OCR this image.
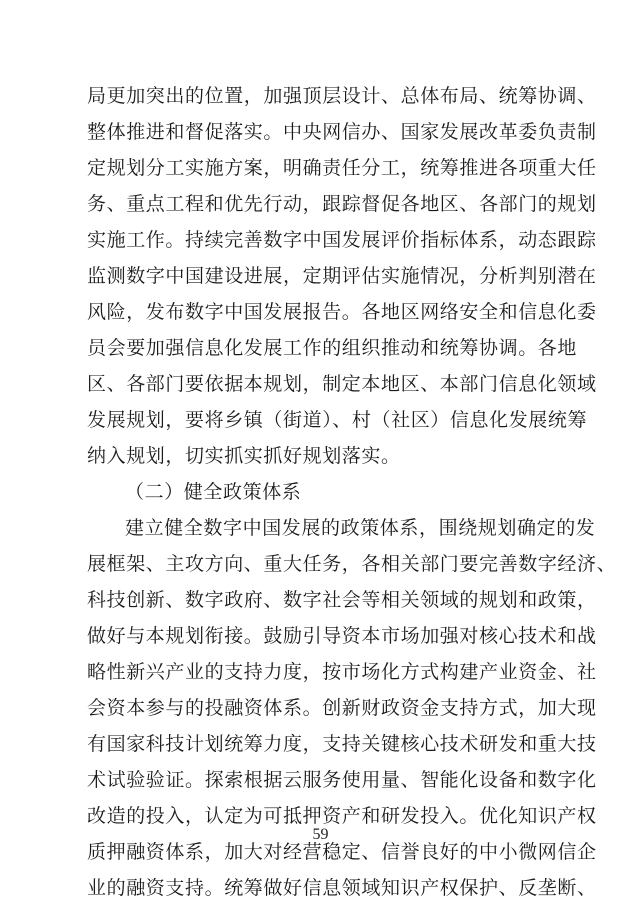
局更加突出的位置，加强顶层设计、总体布局、统筹协调、
整体推进和督促落实。中央网信办、国家发展改革委负责制
定规划分工实施方案，明确责任分工，统筹推进各项重大任
务、重点工程和优先行动，跟踪督促各地区、各部门的规划
实施工作。持续完善数字中国发展评价指标体系，动态跟踪
监测数字中国建设进展，定期评估实施情况，分析判别潜在
风险，发布数字中国发展报告。各地区网络安全和信息化委
员会要加强信息化发展工作的组织推动和统筹协调。各地
区、各部门要依据本规划，制定本地区、本部门信息化领域
发展规划，要将乡镇（街道）、村（社区）信息化发展统筹
纳入规划，切实抓实抓好规划落实。
（二）健全政策体系
建立健全数字中国发展的政策体系，围绕规划确定的发
展框架、主攻方向、重大任务，各相关部门要完善数字经济、
科技创新、数字政府、数字社会等相关领域的规划和政策，
做好与本规划衔接。鼓励引导资本市场加强对核心技术和战
略性新兴产业的支持力度，按市场化方式构建产业资金、社
会资本参与的投融资体系。创新财政资金支持方式，加大现
有国家科技计划统筹力度，支持关键核心技术研发和重大技
术试验验证。探索根据云服务使用量、智能化设备和数字化
改造的投入，认定为可抵押资产和研发投入。优化知识产权
质押融资体系，加大对经营稳定、信誉良好的中小微网信企
业的融资支持。统筹做好信息领域知识产权保护、反垄断、
59
